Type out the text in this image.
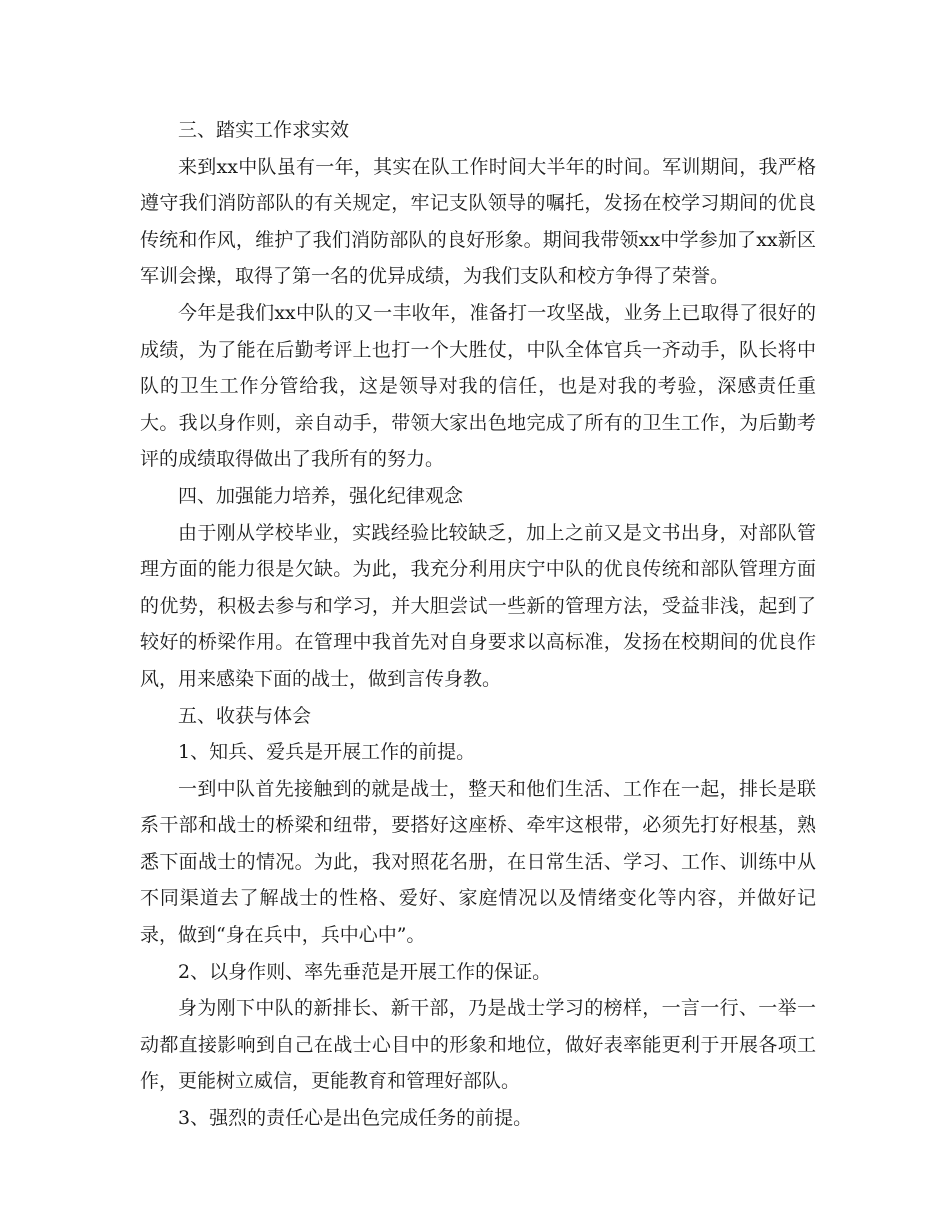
三、踏实工作求实效

来到xx中队虽有一年，其实在队工作时间大半年的时间。军训期间，我严格遵守我们消防部队的有关规定，牢记支队领导的嘱托，发扬在校学习期间的优良传统和作风，维护了我们消防部队的良好形象。期间我带领xx中学参加了xx新区军训会操，取得了第一名的优异成绩，为我们支队和校方争得了荣誉。

今年是我们xx中队的又一丰收年，准备打一攻坚战，业务上已取得了很好的成绩，为了能在后勤考评上也打一个大胜仗，中队全体官兵一齐动手，队长将中队的卫生工作分管给我，这是领导对我的信任，也是对我的考验，深感责任重大。我以身作则，亲自动手，带领大家出色地完成了所有的卫生工作，为后勤考评的成绩取得做出了我所有的努力。

四、加强能力培养，强化纪律观念

由于刚从学校毕业，实践经验比较缺乏，加上之前又是文书出身，对部队管理方面的能力很是欠缺。为此，我充分利用庆宁中队的优良传统和部队管理方面的优势，积极去参与和学习，并大胆尝试一些新的管理方法，受益非浅，起到了较好的桥梁作用。在管理中我首先对自身要求以高标准，发扬在校期间的优良作风，用来感染下面的战士，做到言传身教。

五、收获与体会

1、知兵、爱兵是开展工作的前提。

一到中队首先接触到的就是战士，整天和他们生活、工作在一起，排长是联系干部和战士的桥梁和纽带，要搭好这座桥、牵牢这根带，必须先打好根基，熟悉下面战士的情况。为此，我对照花名册，在日常生活、学习、工作、训练中从不同渠道去了解战士的性格、爱好、家庭情况以及情绪变化等内容，并做好记录，做到“身在兵中，兵中心中”。

2、以身作则、率先垂范是开展工作的保证。

身为刚下中队的新排长、新干部，乃是战士学习的榜样，一言一行、一举一动都直接影响到自己在战士心目中的形象和地位，做好表率能更利于开展各项工作，更能树立威信，更能教育和管理好部队。

3、强烈的责任心是出色完成任务的前提。
